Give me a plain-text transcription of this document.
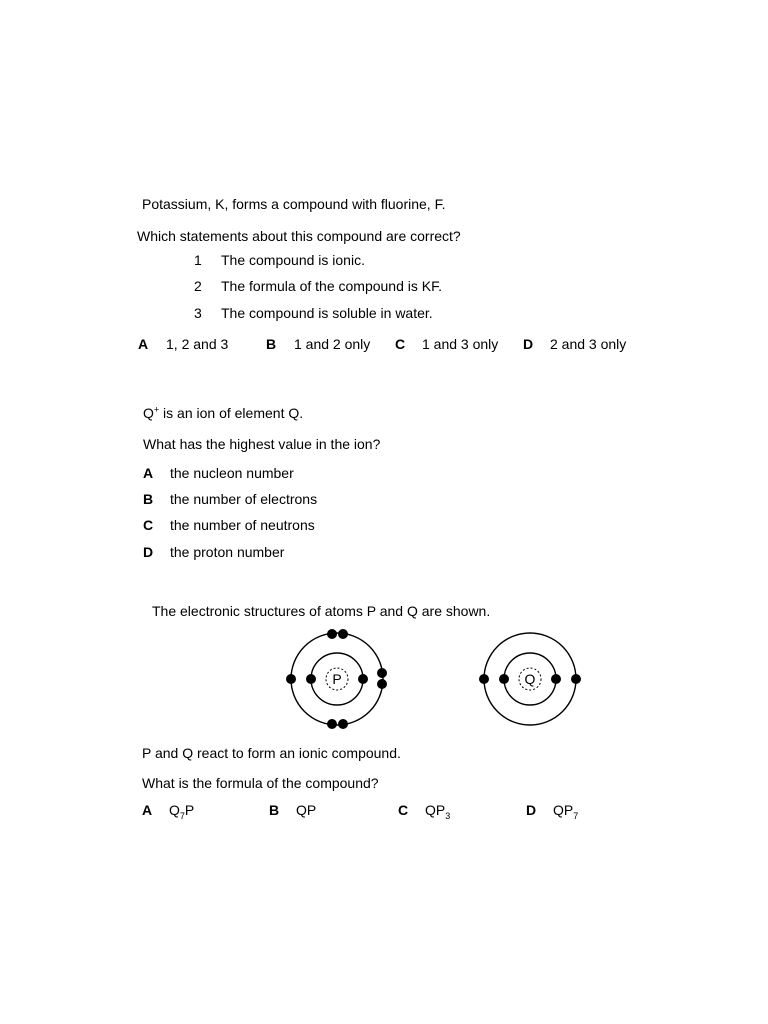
Potassium, K, forms a compound with fluorine, F.
Which statements about this compound are correct?
1 The compound is ionic.
2 The formula of the compound is KF.
3 The compound is soluble in water.
A 1, 2 and 3	B 1 and 2 only C 1 and 3 only D 2 and 3 only
Q+ is an ion of element Q.
What has the highest value in the ion?
A the nucleon number
B the number of electrons
C the number of neutrons
D the proton number
The electronic structures of atoms P and Q are shown.
P	Q
P and Q react to form an ionic compound.
What is the formula of the compound?
A $Q_7P$	B QP	C $QP_3$	D $QP_7$
